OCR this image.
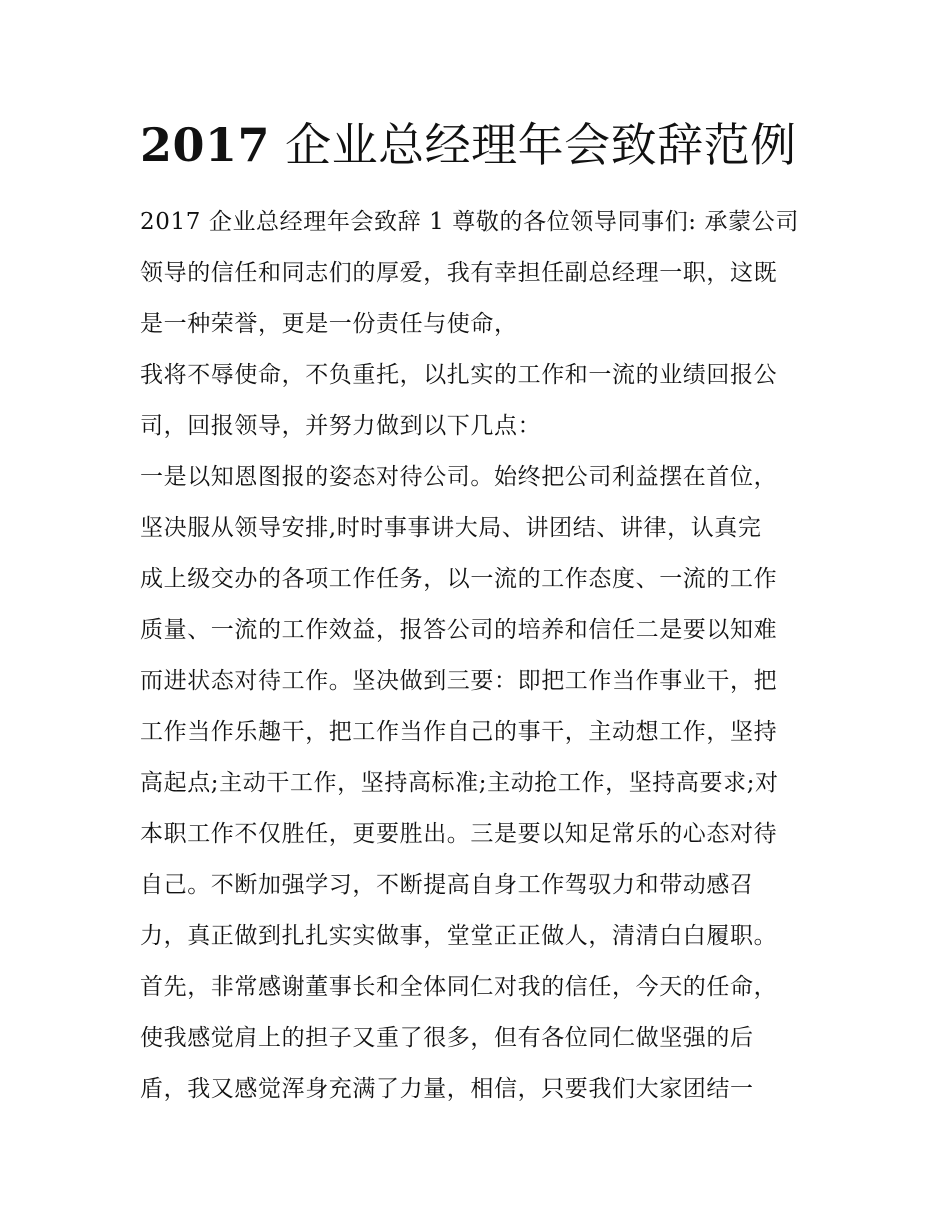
2017 企业总经理年会致辞范例
2017 企业总经理年会致辞 1 尊敬的各位领导同事们: 承蒙公司
领导的信任和同志们的厚爱，我有幸担任副总经理一职，这既
是一种荣誉，更是一份责任与使命，
我将不辱使命，不负重托，以扎实的工作和一流的业绩回报公
司，回报领导，并努力做到以下几点：
一是以知恩图报的姿态对待公司。始终把公司利益摆在首位，
坚决服从领导安排,时时事事讲大局、讲团结、讲律，认真完
成上级交办的各项工作任务，以一流的工作态度、一流的工作
质量、一流的工作效益，报答公司的培养和信任二是要以知难
而进状态对待工作。坚决做到三要：即把工作当作事业干，把
工作当作乐趣干，把工作当作自己的事干，主动想工作，坚持
高起点;主动干工作，坚持高标准;主动抢工作，坚持高要求;对
本职工作不仅胜任，更要胜出。三是要以知足常乐的心态对待
自己。不断加强学习，不断提高自身工作驾驭力和带动感召
力，真正做到扎扎实实做事，堂堂正正做人，清清白白履职。
首先，非常感谢董事长和全体同仁对我的信任，今天的任命，
使我感觉肩上的担子又重了很多，但有各位同仁做坚强的后
盾，我又感觉浑身充满了力量，相信，只要我们大家团结一
